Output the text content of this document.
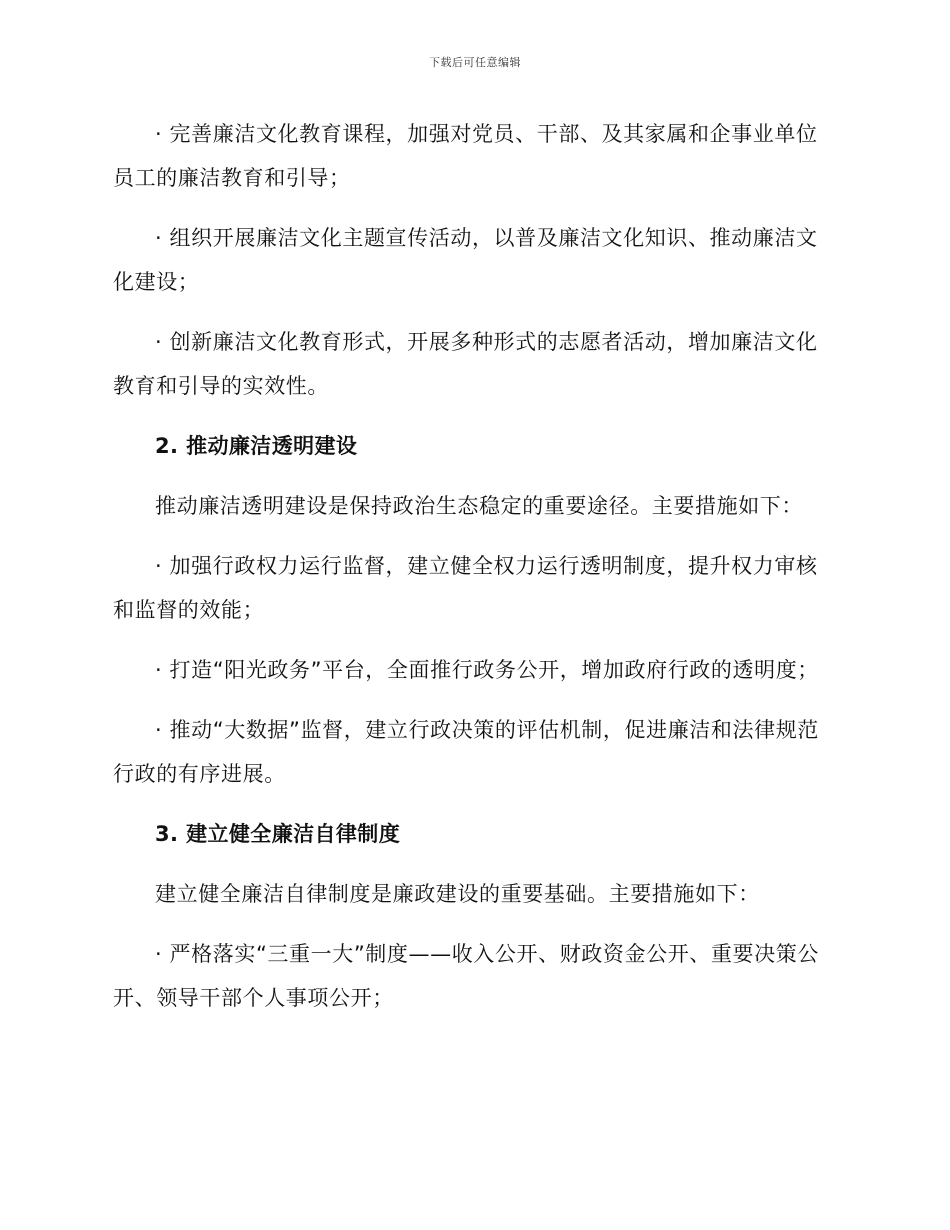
下载后可任意编辑

· 完善廉洁文化教育课程，加强对党员、干部、及其家属和企事业单位员工的廉洁教育和引导；

· 组织开展廉洁文化主题宣传活动，以普及廉洁文化知识、推动廉洁文化建设；

· 创新廉洁文化教育形式，开展多种形式的志愿者活动，增加廉洁文化教育和引导的实效性。

2. 推动廉洁透明建设

推动廉洁透明建设是保持政治生态稳定的重要途径。主要措施如下：

· 加强行政权力运行监督，建立健全权力运行透明制度，提升权力审核和监督的效能；

· 打造“阳光政务”平台，全面推行政务公开，增加政府行政的透明度；

· 推动“大数据”监督，建立行政决策的评估机制，促进廉洁和法律规范行政的有序进展。

3. 建立健全廉洁自律制度

建立健全廉洁自律制度是廉政建设的重要基础。主要措施如下：

· 严格落实“三重一大”制度——收入公开、财政资金公开、重要决策公开、领导干部个人事项公开；
